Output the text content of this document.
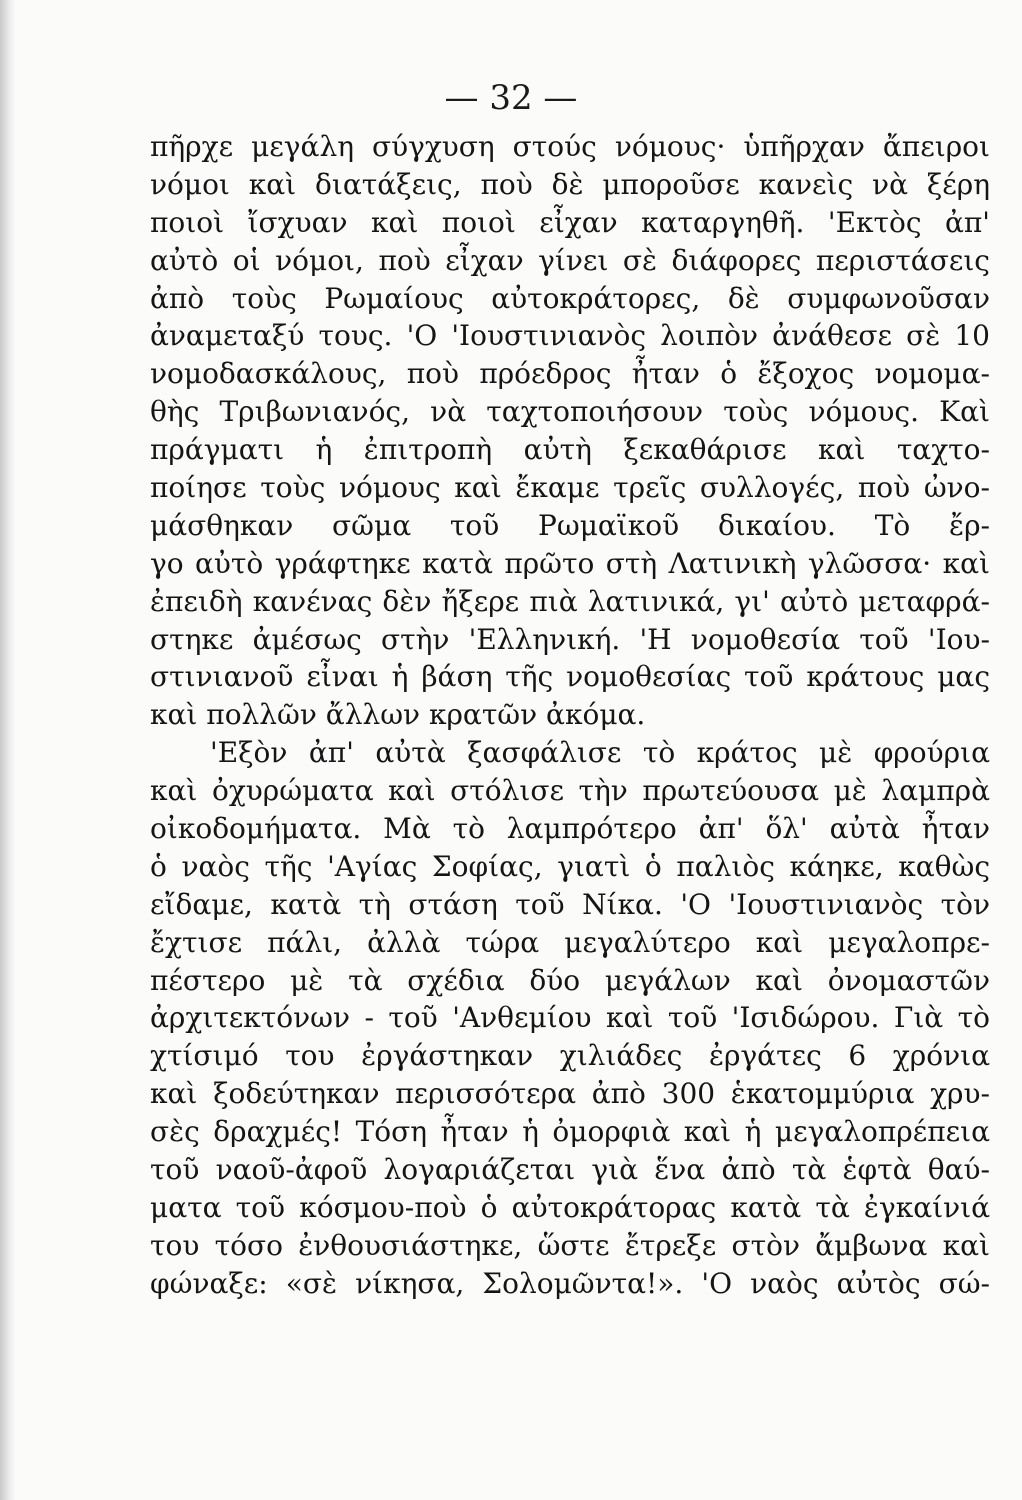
— 32 —
πῆρχε μεγάλη σύγχυση στούς νόμους· ὑπῆρχαν ἄπειροι
νόμοι καὶ διατάξεις, ποὺ δὲ μποροῦσε κανεὶς νὰ ξέρη
ποιοὶ ἴσχυαν καὶ ποιοὶ εἶχαν καταργηθῆ. 'Εκτὸς ἀπ'
αὐτὸ οἱ νόμοι, ποὺ εἶχαν γίνει σὲ διάφορες περιστάσεις
ἀπὸ τοὺς Ρωμαίους αὐτοκράτορες, δὲ συμφωνοῦσαν
ἀναμεταξύ τους. 'Ο 'Ιουστινιανὸς λοιπὸν ἀνάθεσε σὲ 10
νομοδασκάλους, ποὺ πρόεδρος ἦταν ὁ ἔξοχος νομομα-
θὴς Τριβωνιανός, νὰ ταχτοποιήσουν τοὺς νόμους. Καὶ
πράγματι ἡ ἐπιτροπὴ αὐτὴ ξεκαθάρισε καὶ ταχτο-
ποίησε τοὺς νόμους καὶ ἔκαμε τρεῖς συλλογές, ποὺ ὠνο-
μάσθηκαν σῶμα τοῦ Ρωμαϊκοῦ δικαίου. Τὸ ἔρ-
γο αὐτὸ γράφτηκε κατὰ πρῶτο στὴ Λατινικὴ γλῶσσα· καὶ
ἐπειδὴ κανένας δὲν ἤξερε πιὰ λατινικά, γι' αὐτὸ μεταφρά-
στηκε ἀμέσως στὴν 'Ελληνική. 'Η νομοθεσία τοῦ 'Ιου-
στινιανοῦ εἶναι ἡ βάση τῆς νομοθεσίας τοῦ κράτους μας
καὶ πολλῶν ἄλλων κρατῶν ἀκόμα.
'Εξὸν ἀπ' αὐτὰ ξασφάλισε τὸ κράτος μὲ φρούρια
καὶ ὀχυρώματα καὶ στόλισε τὴν πρωτεύουσα μὲ λαμπρὰ
οἰκοδομήματα. Μὰ τὸ λαμπρότερο ἀπ' ὅλ' αὐτὰ ἦταν
ὁ ναὸς τῆς 'Αγίας Σοφίας, γιατὶ ὁ παλιὸς κάηκε, καθὼς
εἴδαμε, κατὰ τὴ στάση τοῦ Νίκα. 'Ο 'Ιουστινιανὸς τὸν
ἔχτισε πάλι, ἀλλὰ τώρα μεγαλύτερο καὶ μεγαλοπρε-
πέστερο μὲ τὰ σχέδια δύο μεγάλων καὶ ὀνομαστῶν
ἀρχιτεκτόνων - τοῦ 'Ανθεμίου καὶ τοῦ 'Ισιδώρου. Γιὰ τὸ
χτίσιμό του ἐργάστηκαν χιλιάδες ἐργάτες 6 χρόνια
καὶ ξοδεύτηκαν περισσότερα ἀπὸ 300 ἑκατομμύρια χρυ-
σὲς δραχμές! Τόση ἦταν ἡ ὀμορφιὰ καὶ ἡ μεγαλοπρέπεια
τοῦ ναοῦ-ἀφοῦ λογαριάζεται γιὰ ἕνα ἀπὸ τὰ ἑφτὰ θαύ-
ματα τοῦ κόσμου-ποὺ ὁ αὐτοκράτορας κατὰ τὰ ἐγκαίνιά
του τόσο ἐνθουσιάστηκε, ὥστε ἔτρεξε στὸν ἄμβωνα καὶ
φώναξε: «σὲ νίκησα, Σολομῶντα!». 'Ο ναὸς αὐτὸς σώ-
